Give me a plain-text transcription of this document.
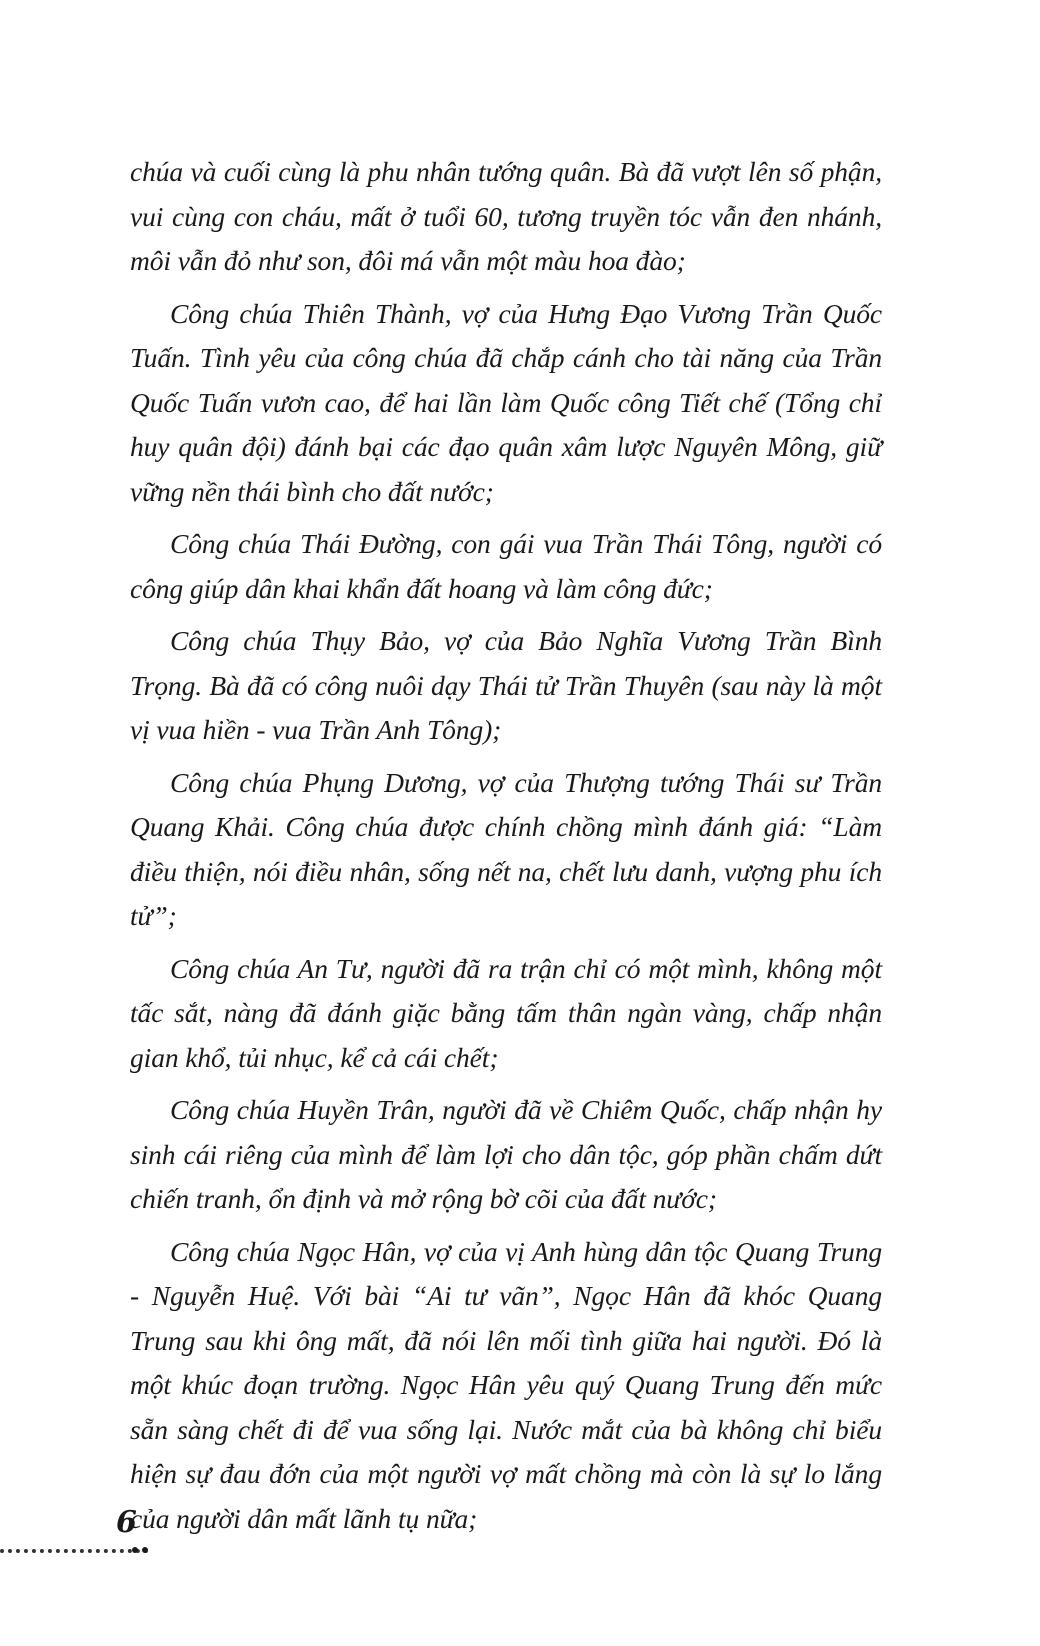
chúa và cuối cùng là phu nhân tướng quân. Bà đã vượt lên số phận, vui cùng con cháu, mất ở tuổi 60, tương truyền tóc vẫn đen nhánh, môi vẫn đỏ như son, đôi má vẫn một màu hoa đào;

Công chúa Thiên Thành, vợ của Hưng Đạo Vương Trần Quốc Tuấn. Tình yêu của công chúa đã chắp cánh cho tài năng của Trần Quốc Tuấn vươn cao, để hai lần làm Quốc công Tiết chế (Tổng chỉ huy quân đội) đánh bại các đạo quân xâm lược Nguyên Mông, giữ vững nền thái bình cho đất nước;

Công chúa Thái Đường, con gái vua Trần Thái Tông, người có công giúp dân khai khẩn đất hoang và làm công đức;

Công chúa Thụy Bảo, vợ của Bảo Nghĩa Vương Trần Bình Trọng. Bà đã có công nuôi dạy Thái tử Trần Thuyên (sau này là một vị vua hiền - vua Trần Anh Tông);

Công chúa Phụng Dương, vợ của Thượng tướng Thái sư Trần Quang Khải. Công chúa được chính chồng mình đánh giá: “Làm điều thiện, nói điều nhân, sống nết na, chết lưu danh, vượng phu ích tử”;

Công chúa An Tư, người đã ra trận chỉ có một mình, không một tấc sắt, nàng đã đánh giặc bằng tấm thân ngàn vàng, chấp nhận gian khổ, tủi nhục, kể cả cái chết;

Công chúa Huyền Trân, người đã về Chiêm Quốc, chấp nhận hy sinh cái riêng của mình để làm lợi cho dân tộc, góp phần chấm dứt chiến tranh, ổn định và mở rộng bờ cõi của đất nước;

Công chúa Ngọc Hân, vợ của vị Anh hùng dân tộc Quang Trung - Nguyễn Huệ. Với bài “Ai tư vãn”, Ngọc Hân đã khóc Quang Trung sau khi ông mất, đã nói lên mối tình giữa hai người. Đó là một khúc đoạn trường. Ngọc Hân yêu quý Quang Trung đến mức sẵn sàng chết đi để vua sống lại. Nước mắt của bà không chỉ biểu hiện sự đau đớn của một người vợ mất chồng mà còn là sự lo lắng của người dân mất lãnh tụ nữa;

6
